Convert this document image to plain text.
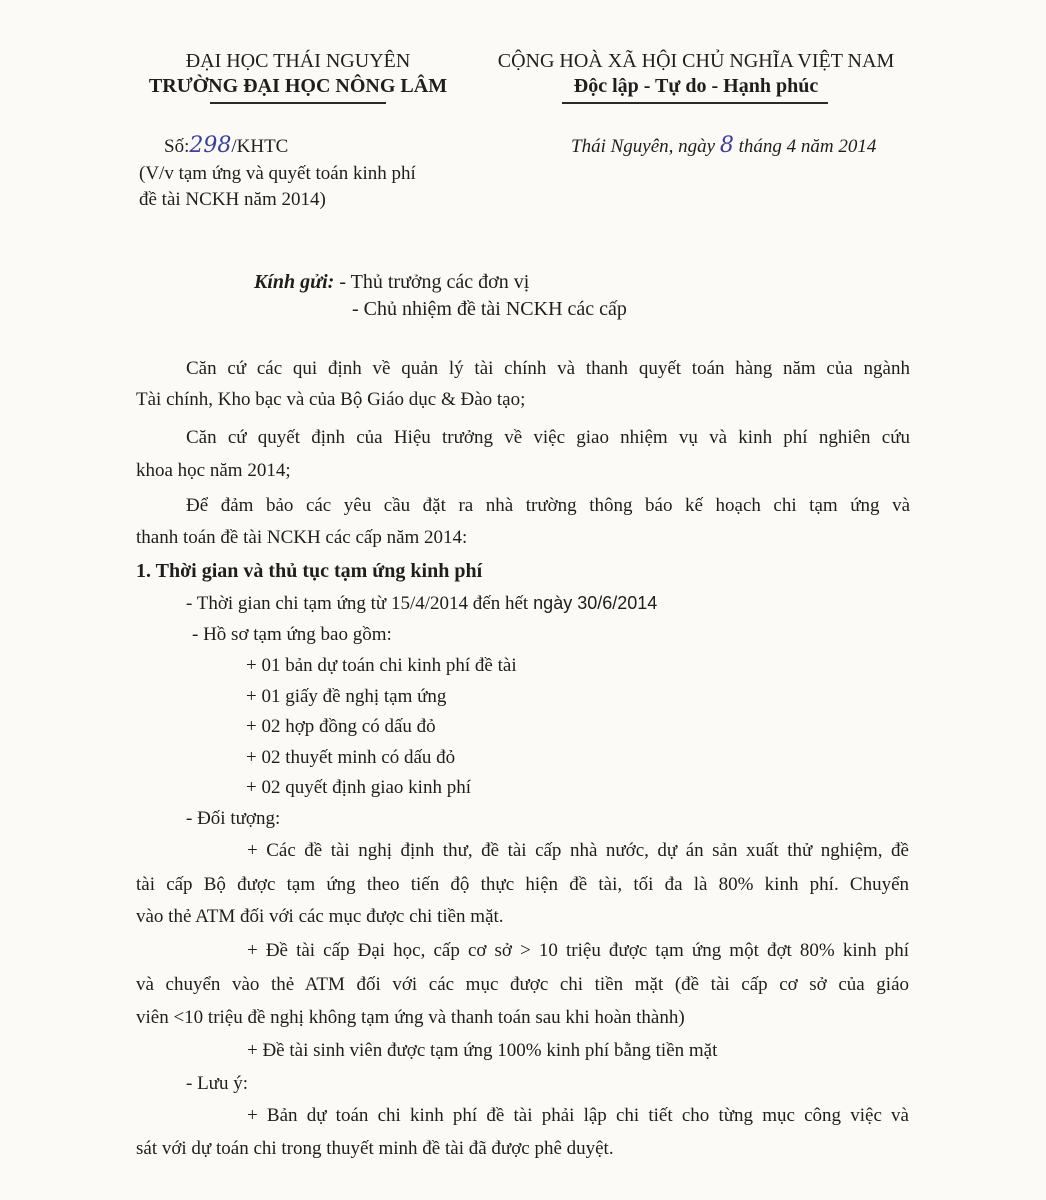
ĐẠI HỌC THÁI NGUYÊN
TRƯỜNG ĐẠI HỌC NÔNG LÂM
CỘNG HOÀ XÃ HỘI CHỦ NGHĨA VIỆT NAM
Độc lập - Tự do - Hạnh phúc
Số:298/KHTC
(V/v tạm ứng và quyết toán kinh phí
đề tài NCKH năm 2014)
Thái Nguyên, ngày 8 tháng 4 năm 2014
Kính gửi: - Thủ trưởng các đơn vị
- Chủ nhiệm đề tài NCKH các cấp
Căn cứ các qui định về quản lý tài chính và thanh quyết toán hàng năm của ngành
Tài chính, Kho bạc và của Bộ Giáo dục & Đào tạo;
Căn cứ quyết định của Hiệu trưởng về việc giao nhiệm vụ và kinh phí nghiên cứu
khoa học năm 2014;
Để đảm bảo các yêu cầu đặt ra nhà trường thông báo kế hoạch chi tạm ứng và
thanh toán đề tài NCKH các cấp năm 2014:
1. Thời gian và thủ tục tạm ứng kinh phí
- Thời gian chi tạm ứng từ 15/4/2014 đến hết ngày 30/6/2014
- Hồ sơ tạm ứng bao gồm:
+ 01 bản dự toán chi kinh phí đề tài
+ 01 giấy đề nghị tạm ứng
+ 02 hợp đồng có dấu đỏ
+ 02 thuyết minh có dấu đỏ
+ 02 quyết định giao kinh phí
- Đối tượng:
+ Các đề tài nghị định thư, đề tài cấp nhà nước, dự án sản xuất thử nghiệm, đề
tài cấp Bộ được tạm ứng theo tiến độ thực hiện đề tài, tối đa là 80% kinh phí. Chuyển
vào thẻ ATM đối với các mục được chi tiền mặt.
+ Đề tài cấp Đại học, cấp cơ sở > 10 triệu được tạm ứng một đợt 80% kinh phí
và chuyển vào thẻ ATM đối với các mục được chi tiền mặt (đề tài cấp cơ sở của giáo
viên <10 triệu đề nghị không tạm ứng và thanh toán sau khi hoàn thành)
+ Đề tài sinh viên được tạm ứng 100% kinh phí bằng tiền mặt
- Lưu ý:
+ Bản dự toán chi kinh phí đề tài phải lập chi tiết cho từng mục công việc và
sát với dự toán chi trong thuyết minh đề tài đã được phê duyệt.
